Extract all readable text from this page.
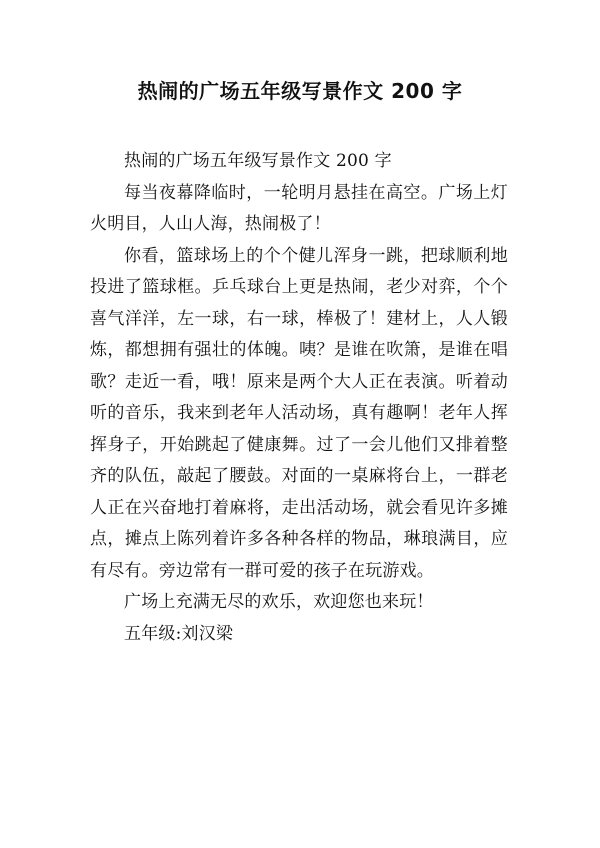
热闹的广场五年级写景作文 200 字

热闹的广场五年级写景作文 200 字

每当夜幕降临时，一轮明月悬挂在高空。广场上灯火明目，人山人海，热闹极了！

你看，篮球场上的个个健儿浑身一跳，把球顺利地投进了篮球框。乒乓球台上更是热闹，老少对弈，个个喜气洋洋，左一球，右一球，棒极了！建材上，人人锻炼，都想拥有强壮的体魄。咦？是谁在吹箫，是谁在唱歌？走近一看，哦！原来是两个大人正在表演。听着动听的音乐，我来到老年人活动场，真有趣啊！老年人挥挥身子，开始跳起了健康舞。过了一会儿他们又排着整齐的队伍，敲起了腰鼓。对面的一桌麻将台上，一群老人正在兴奋地打着麻将，走出活动场，就会看见许多摊点，摊点上陈列着许多各种各样的物品，琳琅满目，应有尽有。旁边常有一群可爱的孩子在玩游戏。

广场上充满无尽的欢乐，欢迎您也来玩！

五年级:刘汉梁
